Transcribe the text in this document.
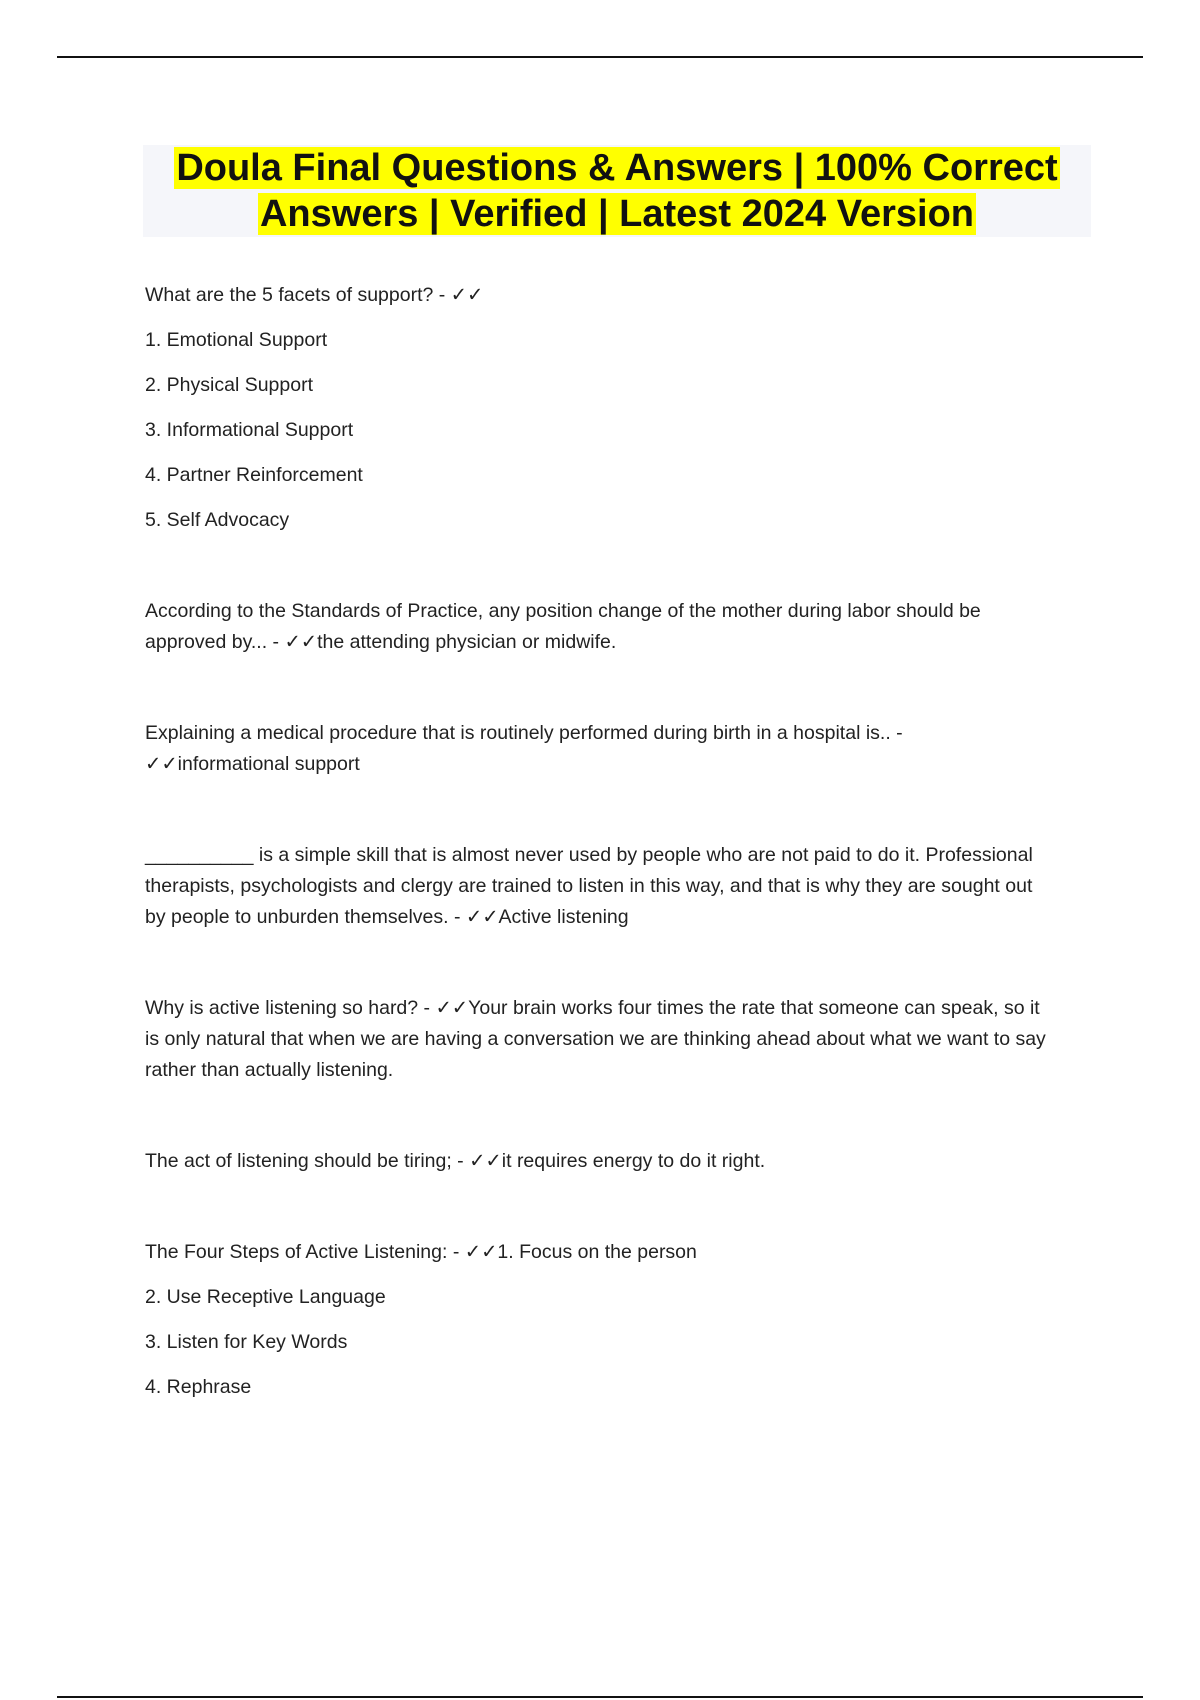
Doula Final Questions & Answers | 100% Correct
Answers | Verified | Latest 2024 Version
What are the 5 facets of support? - ✓✓
1. Emotional Support
2. Physical Support
3. Informational Support
4. Partner Reinforcement
5. Self Advocacy
According to the Standards of Practice, any position change of the mother during labor should be
approved by... - ✓✓the attending physician or midwife.
Explaining a medical procedure that is routinely performed during birth in a hospital is.. -
✓✓informational support
__________ is a simple skill that is almost never used by people who are not paid to do it. Professional
therapists, psychologists and clergy are trained to listen in this way, and that is why they are sought out
by people to unburden themselves. - ✓✓Active listening
Why is active listening so hard? - ✓✓Your brain works four times the rate that someone can speak, so it
is only natural that when we are having a conversation we are thinking ahead about what we want to say
rather than actually listening.
The act of listening should be tiring; - ✓✓it requires energy to do it right.
The Four Steps of Active Listening: - ✓✓1. Focus on the person
2. Use Receptive Language
3. Listen for Key Words
4. Rephrase
